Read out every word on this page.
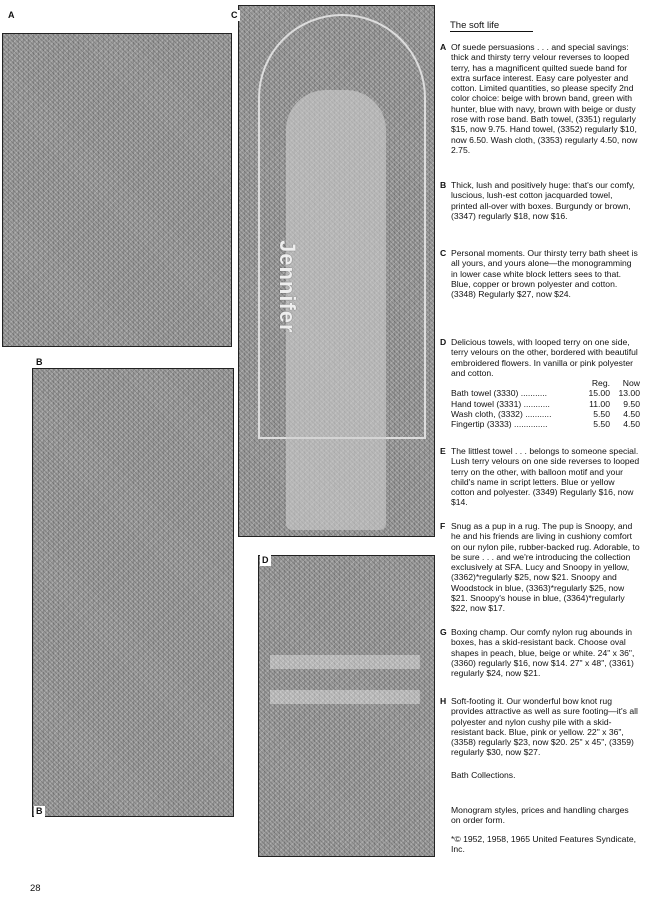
A
B
B
Jennifer
C
D
The soft life
A Of suede persuasions . . . and special savings: thick and thirsty terry velour reverses to looped terry, has a magnificent quilted suede band for extra surface interest. Easy care polyester and cotton. Limited quantities, so please specify 2nd color choice: beige with brown band, green with hunter, blue with navy, brown with beige or dusty rose with rose band. Bath towel, (3351) regularly $15, now 9.75. Hand towel, (3352) regularly $10, now 6.50. Wash cloth, (3353) regularly 4.50, now 2.75.
B Thick, lush and positively huge: that's our comfy, luscious, lush-est cotton jacquarded towel, printed all-over with boxes. Burgundy or brown, (3347) regularly $18, now $16.
C Personal moments. Our thirsty terry bath sheet is all yours, and yours alone—the monogramming in lower case white block letters sees to that. Blue, copper or brown polyester and cotton. (3348) Regularly $27, now $24.
D Delicious towels, with looped terry on one side, terry velours on the other, bordered with beautiful embroidered flowers. In vanilla or pink polyester and cotton.
	Reg.	Now
Bath towel (3330) ...........	15.00	13.00
Hand towel (3331) ...........	11.00	9.50
Wash cloth, (3332) ...........	5.50	4.50
Fingertip (3333) ..............	5.50	4.50
E The littlest towel . . . belongs to someone special. Lush terry velours on one side reverses to looped terry on the other, with balloon motif and your child's name in script letters. Blue or yellow cotton and polyester. (3349) Regularly $16, now $14.
F Snug as a pup in a rug. The pup is Snoopy, and he and his friends are living in cushiony comfort on our nylon pile, rubber-backed rug. Adorable, to be sure . . . and we're introducing the collection exclusively at SFA. Lucy and Snoopy in yellow, (3362)*regularly $25, now $21. Snoopy and Woodstock in blue, (3363)*regularly $25, now $21. Snoopy's house in blue, (3364)*regularly $22, now $17.
G Boxing champ. Our comfy nylon rug abounds in boxes, has a skid-resistant back. Choose oval shapes in peach, blue, beige or white. 24" x 36", (3360) regularly $16, now $14. 27" x 48", (3361) regularly $24, now $21.
H Soft-footing it. Our wonderful bow knot rug provides attractive as well as sure footing—it's all polyester and nylon cushy pile with a skid-resistant back. Blue, pink or yellow. 22" x 36", (3358) regularly $23, now $20. 25" x 45", (3359) regularly $30, now $27.
Bath Collections.
Monogram styles, prices and handling charges on order form.
*© 1952, 1958, 1965 United Features Syndicate, Inc.
28
